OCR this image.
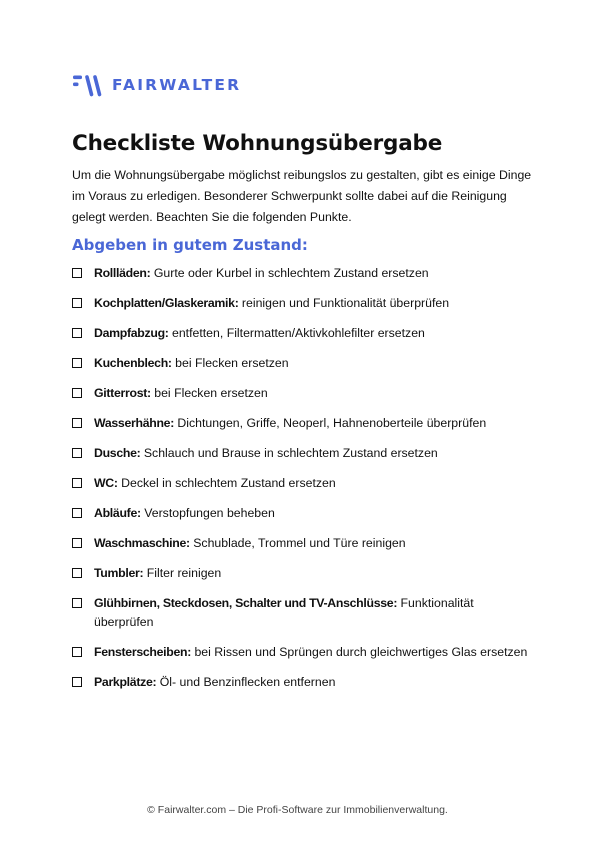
FAIRWALTER
Checkliste Wohnungsübergabe

Um die Wohnungsübergabe möglichst reibungslos zu gestalten, gibt es einige Dinge im Voraus zu erledigen. Besonderer Schwerpunkt sollte dabei auf die Reinigung gelegt werden. Beachten Sie die folgenden Punkte.

Abgeben in gutem Zustand:
Rollläden: Gurte oder Kurbel in schlechtem Zustand ersetzen
Kochplatten/Glaskeramik: reinigen und Funktionalität überprüfen
Dampfabzug: entfetten, Filtermatten/Aktivkohlefilter ersetzen
Kuchenblech: bei Flecken ersetzen
Gitterrost: bei Flecken ersetzen
Wasserhähne: Dichtungen, Griffe, Neoperl, Hahnenoberteile überprüfen
Dusche: Schlauch und Brause in schlechtem Zustand ersetzen
WC: Deckel in schlechtem Zustand ersetzen
Abläufe: Verstopfungen beheben
Waschmaschine: Schublade, Trommel und Türe reinigen
Tumbler: Filter reinigen
Glühbirnen, Steckdosen, Schalter und TV-Anschlüsse: Funktionalität überprüfen
Fensterscheiben: bei Rissen und Sprüngen durch gleichwertiges Glas ersetzen
Parkplätze: Öl- und Benzinflecken entfernen
© Fairwalter.com – Die Profi-Software zur Immobilienverwaltung.
